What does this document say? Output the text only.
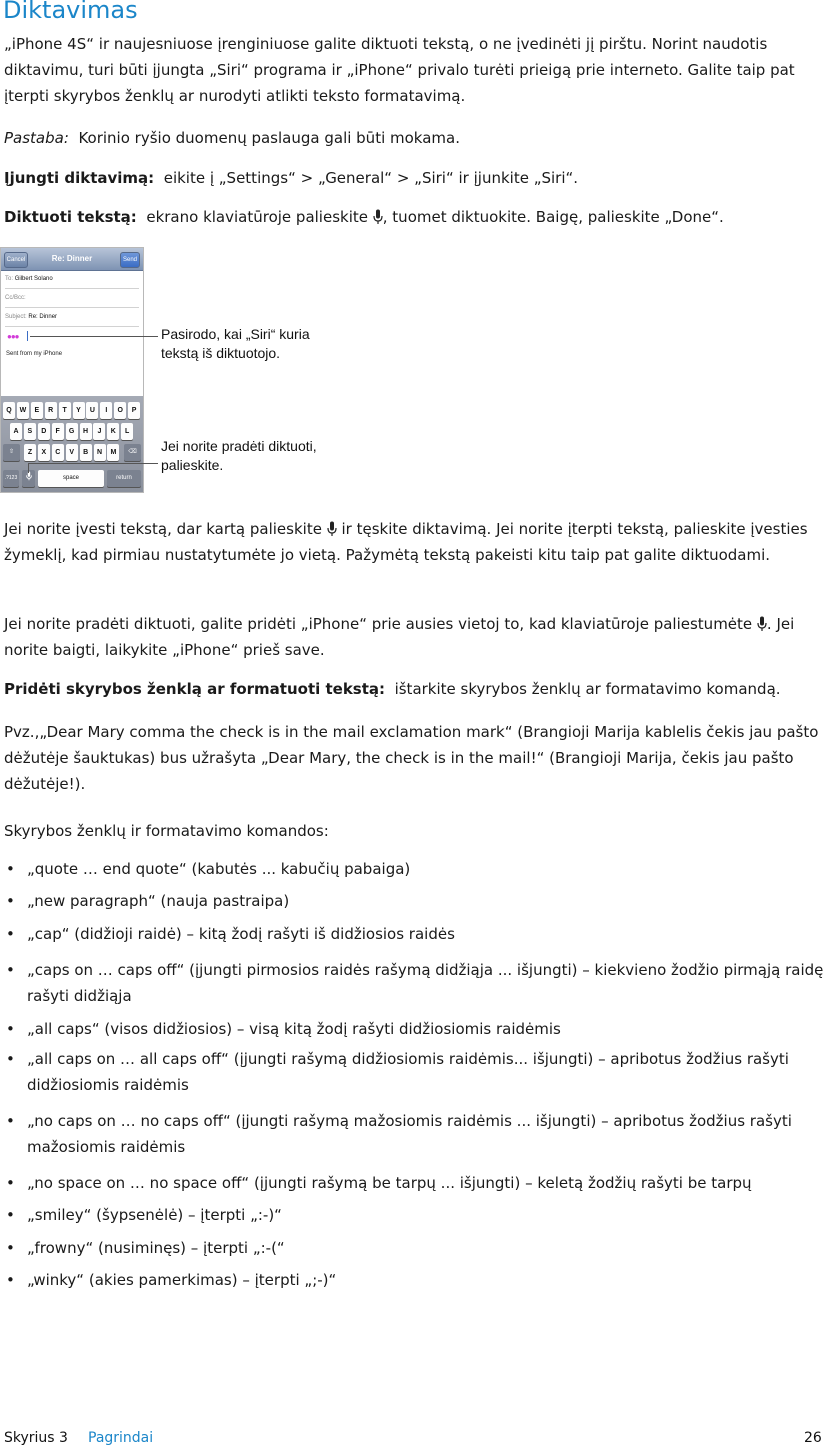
Diktavimas

„iPhone 4S“ ir naujesniuose įrenginiuose galite diktuoti tekstą, o ne įvedinėti jį pirštu. Norint naudotis diktavimu, turi būti įjungta „Siri“ programa ir „iPhone“ privalo turėti prieigą prie interneto. Galite taip pat įterpti skyrybos ženklų ar nurodyti atlikti teksto formatavimą.

Pastaba: Korinio ryšio duomenų paslauga gali būti mokama.

Įjungti diktavimą: eikite į „Settings“ > „General“ > „Siri“ ir įjunkite „Siri“.

Diktuoti tekstą: ekrano klaviatūroje palieskite , tuomet diktuokite. Baigę, palieskite „Done“.

Cancel	Re: Dinner	Send
To: Gilbert Solano
Cc/Bcc:
Subject: Re: Dinner
●●●
Sent from my iPhone
⇧	⌫
.?123	space	return
Q	W	E	R	T	Y	U	I	O	P
A	S	D	F	G	H	J	K	L
Z	X	C	V	B	N	M
Pasirodo, kai „Siri“ kuria
tekstą iš diktuotojo.
Jei norite pradėti diktuoti,
palieskite.

Jei norite įvesti tekstą, dar kartą palieskite
ir tęskite diktavimą. Jei norite įterpti tekstą, palieskite įvesties žymeklį, kad pirmiau nustatytumėte jo vietą. Pažymėtą tekstą pakeisti kitu taip pat galite diktuodami.

Jei norite pradėti diktuoti, galite pridėti „iPhone“ prie ausies vietoj to, kad klaviatūroje paliestumėte . Jei norite baigti, laikykite „iPhone“ prieš save.

Pridėti skyrybos ženklą ar formatuoti tekstą: ištarkite skyrybos ženklų ar formatavimo komandą.

Pvz.,„Dear Mary comma the check is in the mail exclamation mark“ (Brangioji Marija kablelis čekis jau pašto dėžutėje šauktukas) bus užrašyta „Dear Mary, the check is in the mail!“ (Brangioji Marija, čekis jau pašto dėžutėje!).

Skyrybos ženklų ir formatavimo komandos:

• „quote … end quote“ (kabutės ... kabučių pabaiga)

• „new paragraph“ (nauja pastraipa)

• „cap“ (didžioji raidė) – kitą žodį rašyti iš didžiosios raidės

• „caps on … caps off“ (įjungti pirmosios raidės rašymą didžiąja ... išjungti) – kiekvieno žodžio pirmąją raidę rašyti didžiąja

• „all caps“ (visos didžiosios) – visą kitą žodį rašyti didžiosiomis raidėmis

• „all caps on … all caps off“ (įjungti rašymą didžiosiomis raidėmis... išjungti) – apribotus žodžius rašyti didžiosiomis raidėmis

• „no caps on … no caps off“ (įjungti rašymą mažosiomis raidėmis ... išjungti) – apribotus žodžius rašyti mažosiomis raidėmis

• „no space on … no space off“ (įjungti rašymą be tarpų ... išjungti) – keletą žodžių rašyti be tarpų

• „smiley“ (šypsenėlė) – įterpti „:-)“

• „frowny“ (nusiminęs) – įterpti „:-(“

• „winky“ (akies pamerkimas) – įterpti „;-)“

Skyrius 3 Pagrindai	26
